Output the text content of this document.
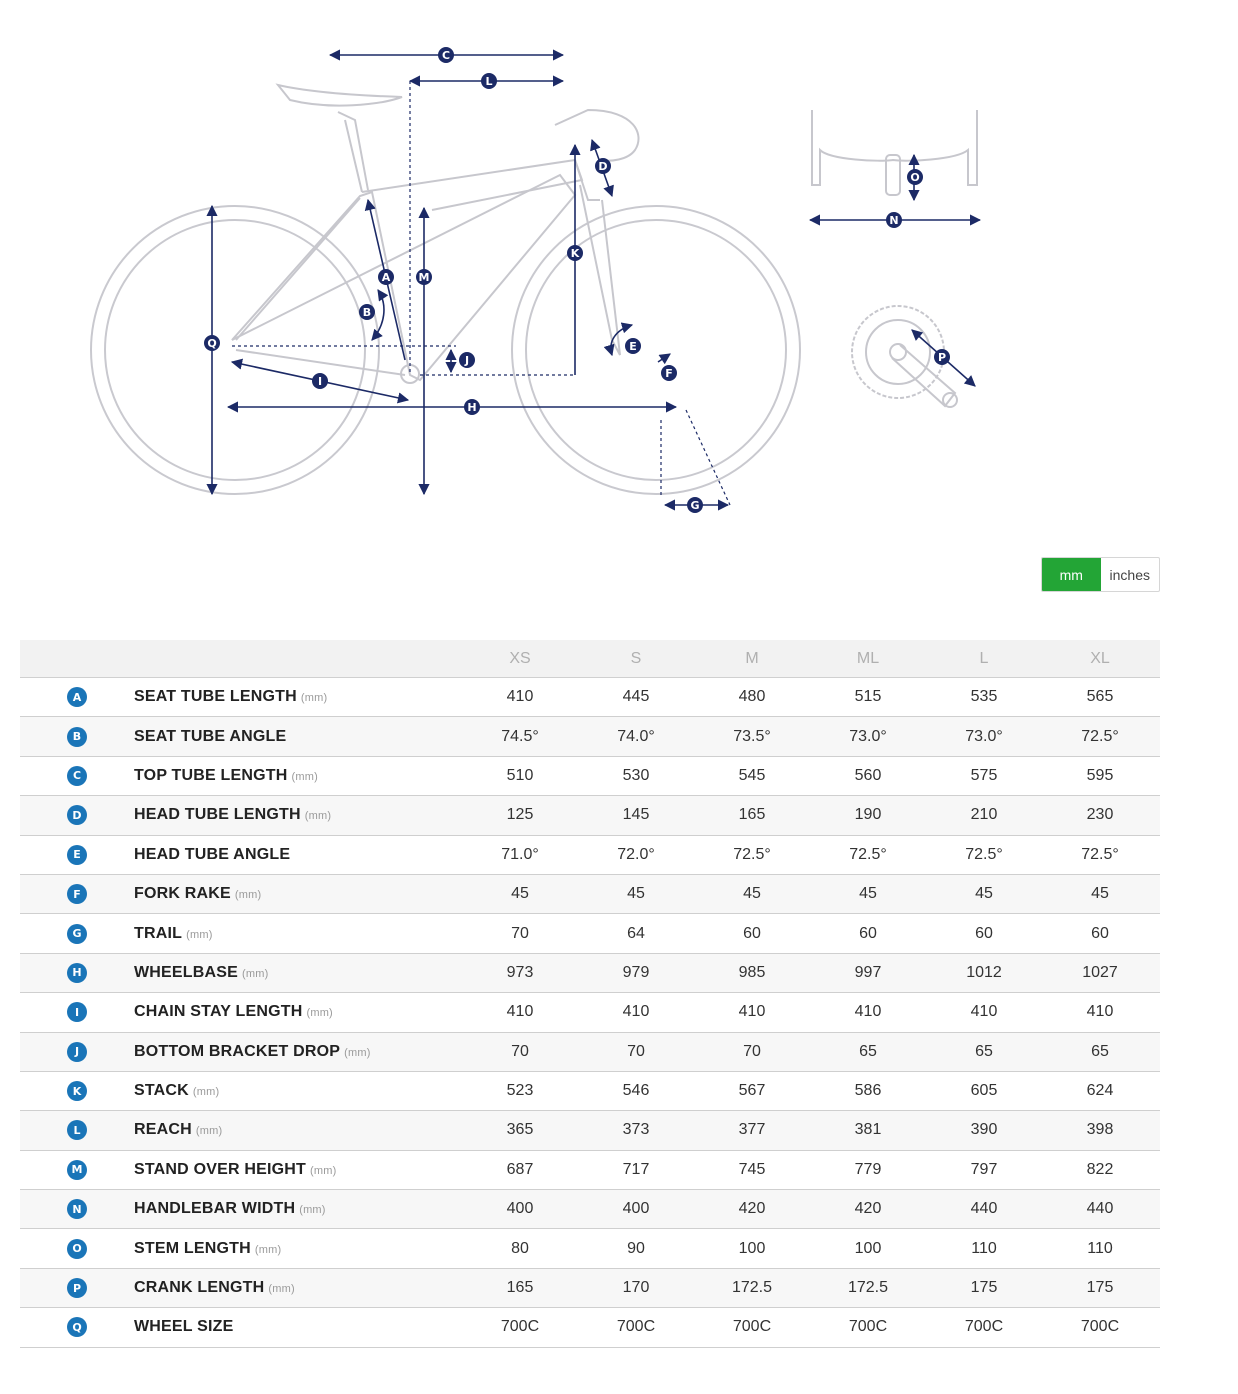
C
L
D
K
A	M
B
Q	E
J
F
I
H
G
O
N
P
mm	inches
XS	S	M	ML	L	XL
A	SEAT TUBE LENGTH (mm)	410	445	480	515	535	565
B	SEAT TUBE ANGLE	74.5°	74.0°	73.5°	73.0°	73.0°	72.5°
C	TOP TUBE LENGTH (mm)	510	530	545	560	575	595
D	HEAD TUBE LENGTH (mm)	125	145	165	190	210	230
E	HEAD TUBE ANGLE	71.0°	72.0°	72.5°	72.5°	72.5°	72.5°
F	FORK RAKE (mm)	45	45	45	45	45	45
G	TRAIL (mm)	70	64	60	60	60	60
H	WHEELBASE (mm)	973	979	985	997	1012	1027
I	CHAIN STAY LENGTH (mm)	410	410	410	410	410	410
J	BOTTOM BRACKET DROP (mm)	70	70	70	65	65	65
K	STACK (mm)	523	546	567	586	605	624
L	REACH (mm)	365	373	377	381	390	398
M	STAND OVER HEIGHT (mm)	687	717	745	779	797	822
N	HANDLEBAR WIDTH (mm)	400	400	420	420	440	440
O	STEM LENGTH (mm)	80	90	100	100	110	110
P	CRANK LENGTH (mm)	165	170	172.5	172.5	175	175
Q	WHEEL SIZE	700C	700C	700C	700C	700C	700C
